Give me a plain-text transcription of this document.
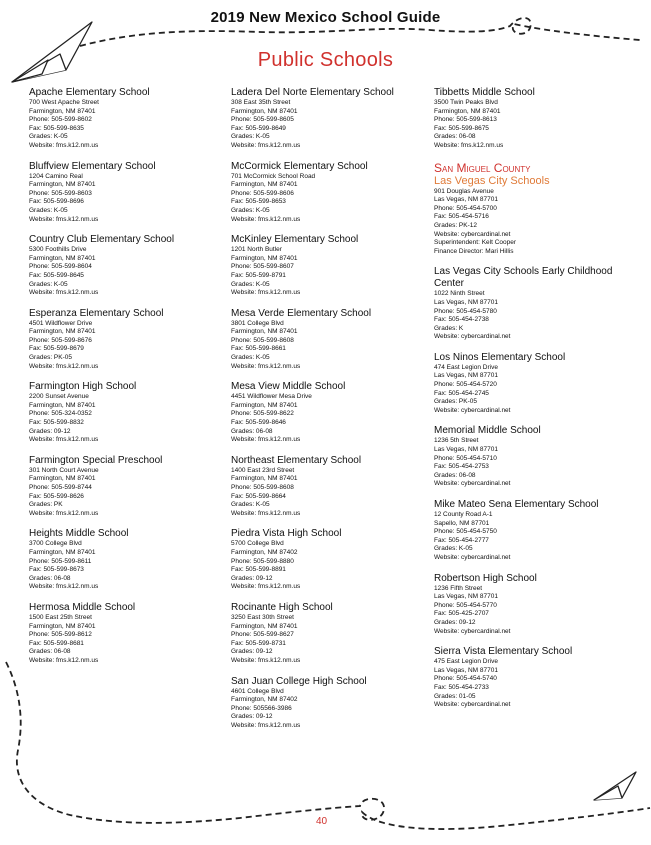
2019 New Mexico School Guide
Public Schools
Apache Elementary School
700 West Apache Street
Farmington, NM 87401
Phone: 505-599-8602
Fax: 505-599-8635
Grades: K-05
Website: fms.k12.nm.us
Bluffview Elementary School
1204 Camino Real
Farmington, NM 87401
Phone: 505-599-8603
Fax: 505-599-8696
Grades: K-05
Website: fms.k12.nm.us
Country Club Elementary School
5300 Foothills Drive
Farmington, NM 87401
Phone: 505-599-8604
Fax: 505-599-8645
Grades: K-05
Website: fms.k12.nm.us
Esperanza Elementary School
4501 Wildflower Drive
Farmington, NM 87401
Phone: 505-599-8676
Fax: 505-599-8679
Grades: PK-05
Website: fms.k12.nm.us
Farmington High School
2200 Sunset Avenue
Farmington, NM 87401
Phone: 505-324-0352
Fax: 505-599-8832
Grades: 09-12
Website: fms.k12.nm.us
Farmington Special Preschool
301 North Court Avenue
Farmington, NM 87401
Phone: 505-599-8744
Fax: 505-599-8626
Grades: PK
Website: fms.k12.nm.us
Heights Middle School
3700 College Blvd
Farmington, NM 87401
Phone: 505-599-8611
Fax: 505-599-8673
Grades: 06-08
Website: fms.k12.nm.us
Hermosa Middle School
1500 East 25th Street
Farmington, NM 87401
Phone: 505-599-8612
Fax: 505-599-8681
Grades: 06-08
Website: fms.k12.nm.us
Ladera Del Norte Elementary School
308 East 35th Street
Farmington, NM 87401
Phone: 505-599-8605
Fax: 505-599-8649
Grades: K-05
Website: fms.k12.nm.us
McCormick Elementary School
701 McCormick School Road
Farmington, NM 87401
Phone: 505-599-8606
Fax: 505-599-8653
Grades: K-05
Website: fms.k12.nm.us
McKinley Elementary School
1201 North Butler
Farmington, NM 87401
Phone: 505-599-8607
Fax: 505-599-8791
Grades: K-05
Website: fms.k12.nm.us
Mesa Verde Elementary School
3801 College Blvd
Farmington, NM 87401
Phone: 505-599-8608
Fax: 505-599-8661
Grades: K-05
Website: fms.k12.nm.us
Mesa View Middle School
4451 Wildflower Mesa Drive
Farmington, NM 87401
Phone: 505-599-8622
Fax: 505-599-8646
Grades: 06-08
Website: fms.k12.nm.us
Northeast Elementary School
1400 East 23rd Street
Farmington, NM 87401
Phone: 505-599-8608
Fax: 505-599-8664
Grades: K-05
Website: fms.k12.nm.us
Piedra Vista High School
5700 College Blvd
Farmington, NM 87402
Phone: 505-599-8880
Fax: 505-599-8891
Grades: 09-12
Website: fms.k12.nm.us
Rocinante High School
3250 East 30th Street
Farmington, NM 87401
Phone: 505-599-8627
Fax: 505-599-8731
Grades: 09-12
Website: fms.k12.nm.us
San Juan College High School
4601 College Blvd
Farmington, NM 87402
Phone: 505566-3986
Grades: 09-12
Website: fms.k12.nm.us
Tibbetts Middle School
3500 Twin Peaks Blvd
Farmington, NM 87401
Phone: 505-599-8613
Fax: 505-599-8675
Grades: 06-08
Website: fms.k12.nm.us
San Miguel County
Las Vegas City Schools
901 Douglas Avenue
Las Vegas, NM 87701
Phone: 505-454-5700
Fax: 505-454-5716
Grades: PK-12
Website: cybercardinal.net
Superintendent: Kelt Cooper
Finance Director: Mari Hillis
Las Vegas City Schools Early Childhood Center
1022 Ninth Street
Las Vegas, NM 87701
Phone: 505-454-5780
Fax: 505-454-2738
Grades: K
Website: cybercardinal.net
Los Ninos Elementary School
474 East Legion Drive
Las Vegas, NM 87701
Phone: 505-454-5720
Fax: 505-454-2745
Grades: PK-05
Website: cybercardinal.net
Memorial Middle School
1236 5th Street
Las Vegas, NM 87701
Phone: 505-454-5710
Fax: 505-454-2753
Grades: 06-08
Website: cybercardinal.net
Mike Mateo Sena Elementary School
12 County Road A-1
Sapello, NM 87701
Phone: 505-454-5750
Fax: 505-454-2777
Grades: K-05
Website: cybercardinal.net
Robertson High School
1236 Fifth Street
Las Vegas, NM 87701
Phone: 505-454-5770
Fax: 505-425-2707
Grades: 09-12
Website: cybercardinal.net
Sierra Vista Elementary School
475 East Legion Drive
Las Vegas, NM 87701
Phone: 505-454-5740
Fax: 505-454-2733
Grades: 01-05
Website: cybercardinal.net
40
